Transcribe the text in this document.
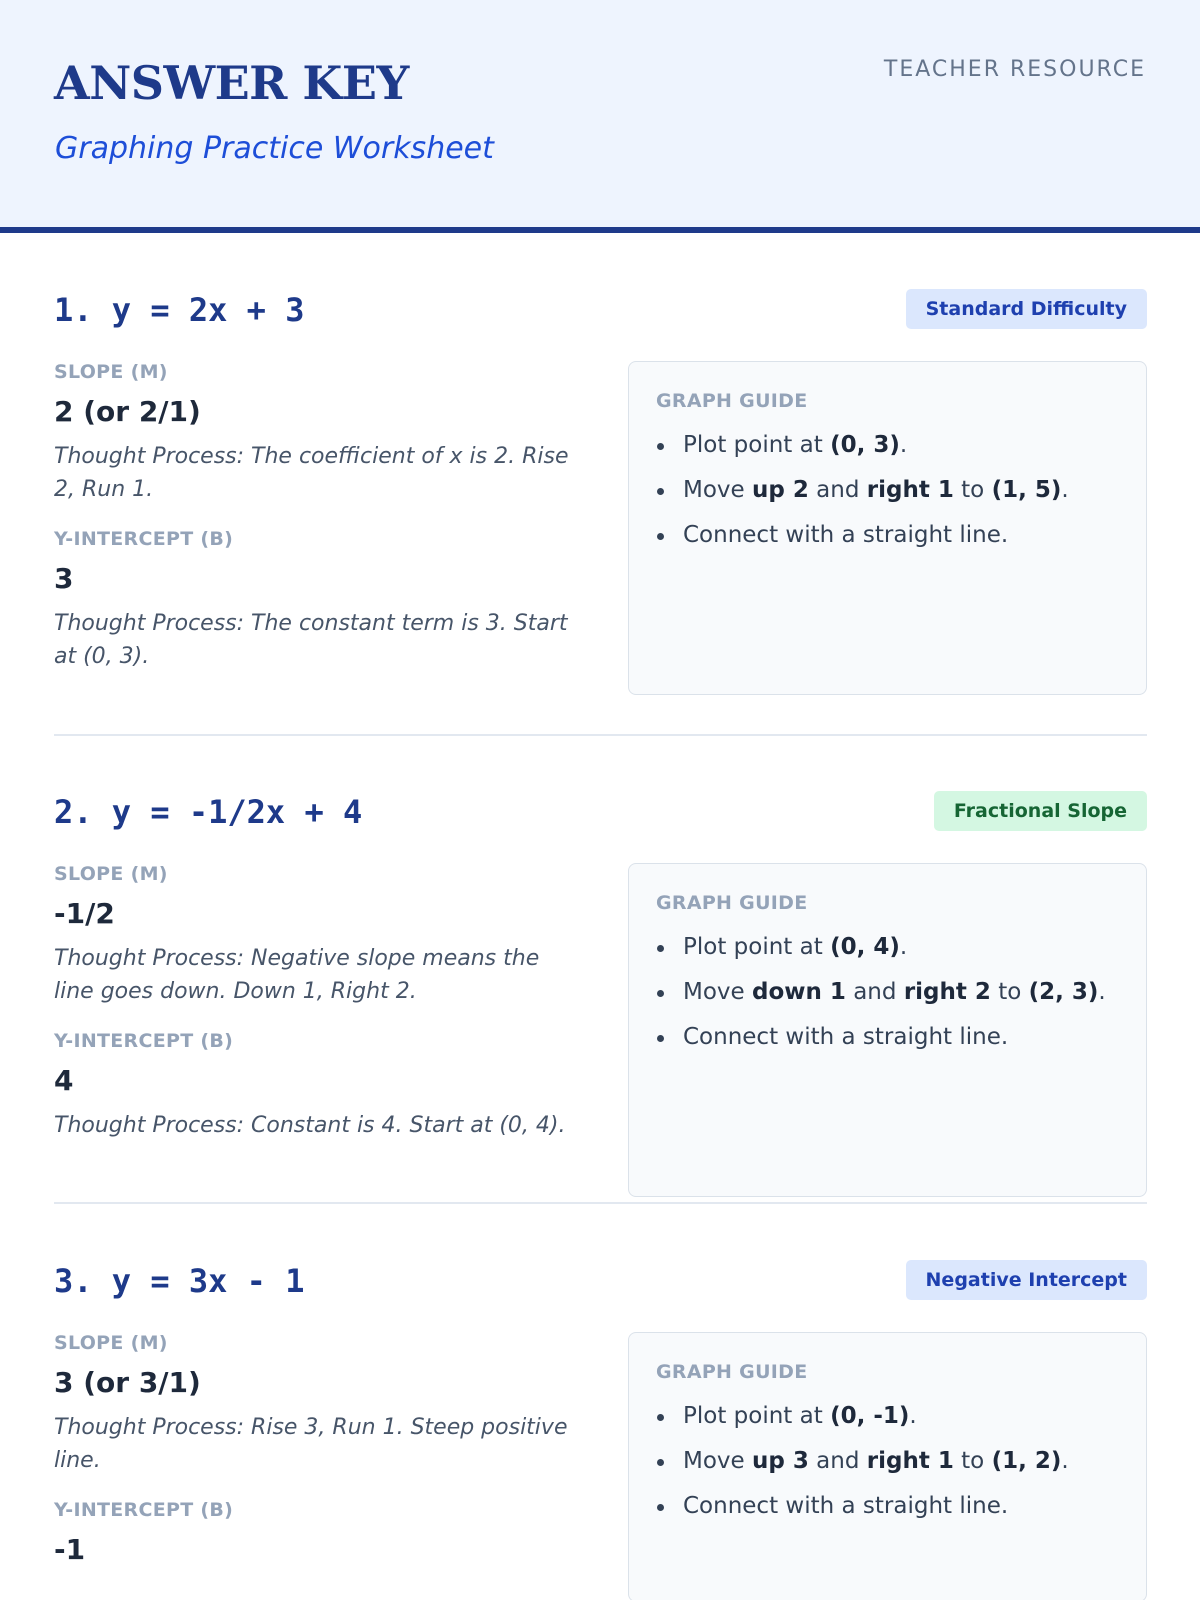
ANSWER KEY
Graphing Practice Worksheet
TEACHER RESOURCE
1. y = 2x + 3	Standard Difficulty
SLOPE (M)
2 (or 2/1)
Thought Process: The coefficient of x is 2. Rise 2, Run 1.
Y-INTERCEPT (B)
3
Thought Process: The constant term is 3. Start at (0, 3).
GRAPH GUIDE
Plot point at (0, 3).
Move up 2 and right 1 to (1, 5).
Connect with a straight line.
2. y = -1/2x + 4	Fractional Slope
SLOPE (M)
-1/2
Thought Process: Negative slope means the line goes down. Down 1, Right 2.
Y-INTERCEPT (B)
4
Thought Process: Constant is 4. Start at (0, 4).
GRAPH GUIDE
Plot point at (0, 4).
Move down 1 and right 2 to (2, 3).
Connect with a straight line.
3. y = 3x - 1	Negative Intercept
SLOPE (M)
3 (or 3/1)
Thought Process: Rise 3, Run 1. Steep positive line.
Y-INTERCEPT (B)
-1
GRAPH GUIDE
Plot point at (0, -1).
Move up 3 and right 1 to (1, 2).
Connect with a straight line.
